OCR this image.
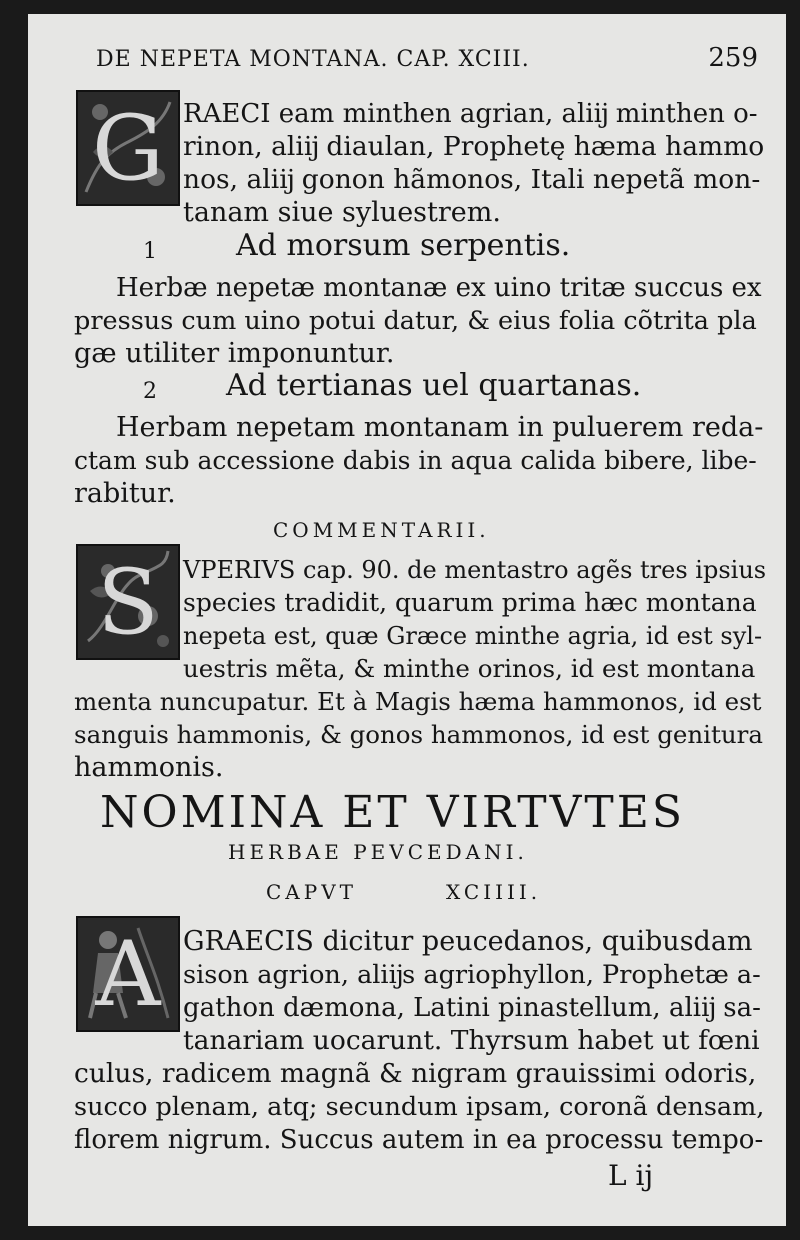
DE NEPETA MONTANA. CAP. XCIII.	259
G RAECI eam minthen agrian, aliĳ minthen o-
rinon, aliĳ diaulan, Prophetę hæma hammo
nos, aliĳ gonon hãmonos, Itali nepetã mon-
tanam siue syluestrem.
1	Ad morsum serpentis.
Herbæ nepetæ montanæ ex uino tritæ succus ex
pressus cum uino potui datur, & eius folia cõtrita pla
gæ utiliter imponuntur.
2 Ad tertianas uel quartanas.
Herbam nepetam montanam in puluerem reda-
ctam sub accessione dabis in aqua calida bibere, libe-
rabitur.
COMMENTARII.
S	VPERIVS cap. 90. de mentastro agẽs tres ipsius
species tradidit, quarum prima hæc montana
nepeta est, quæ Græce minthe agria, id est syl-
uestris mẽta, & minthe orinos, id est montana
menta nuncupatur. Et à Magis hæma hammonos, id est
sanguis hammonis, & gonos hammonos, id est genitura
hammonis.
NOMINA ET VIRTVTES
HERBAE PEVCEDANI.
CAPVT	XCIIII.
A GRAECIS dicitur peucedanos, quibusdam
sison agrion, aliĳs agriophyllon, Prophetæ a-
gathon dæmona, Latini pinastellum, aliĳ sa-
tanariam uocarunt. Thyrsum habet ut fœni
culus, radicem magnã & nigram grauissimi odoris,
succo plenam, atq; secundum ipsam, coronã densam,
florem nigrum. Succus autem in ea processu tempo-
L ij
